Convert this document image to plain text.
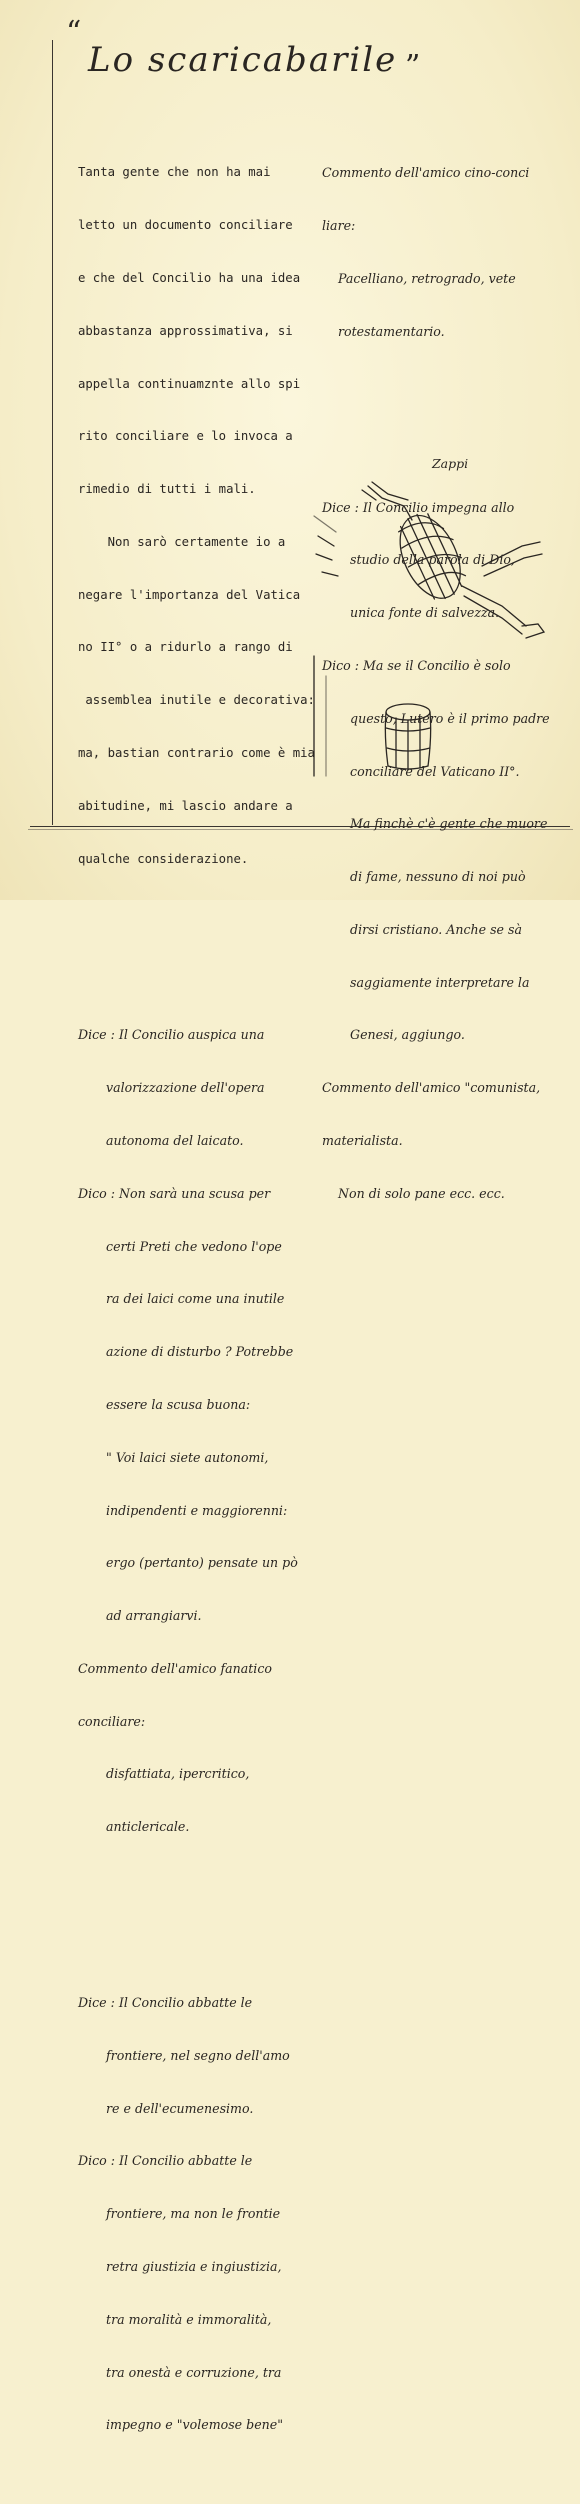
“
Lo scaricabarile ”

Tanta gente che non ha mai

letto un documento conciliare

e che del Concilio ha una idea

abbastanza approssimativa, si

appella continuamznte allo spi

rito conciliare e lo invoca a

rimedio di tutti i mali.

Non sarò certamente io a

negare l'importanza del Vatica

no II° o a ridurlo a rango di

assemblea inutile e decorativa:

ma, bastian contrario come è mia

abitudine, mi lascio andare a

qualche considerazione.

Dice : Il Concilio auspica una

valorizzazione dell'opera

autonoma del laicato.

Dico : Non sarà una scusa per

certi Preti che vedono l'ope

ra dei laici come una inutile

azione di disturbo ? Potrebbe

essere la scusa buona:

" Voi laici siete autonomi,

indipendenti e maggiorenni:

ergo (pertanto) pensate un pò

ad arrangiarvi.

Commento dell'amico fanatico

conciliare:

disfattiata, ipercritico,

anticlericale.

Dice : Il Concilio abbatte le

frontiere, nel segno dell'amo

re e dell'ecumenesimo.

Dico : Il Concilio abbatte le

frontiere, ma non le frontie

retra giustizia e ingiustizia,

tra moralità e immoralità,

tra onestà e corruzione, tra

impegno e "volemose bene"

Commento dell'amico cino-conci

liare:

Pacelliano, retrogrado, vete

rotestamentario.

Dice : Il Concilio impegna allo

studio della parola di Dio,

unica fonte di salvezza.

Dico : Ma se il Concilio è solo

questo, Lutero è il primo padre

conciliare del Vaticano II°.

Ma finchè c'è gente che muore

di fame, nessuno di noi può

dirsi cristiano. Anche se sà

saggiamente interpretare la

Genesi, aggiungo.

Commento dell'amico "comunista,

materialista.

Non di solo pane ecc. ecc.

Zappi
